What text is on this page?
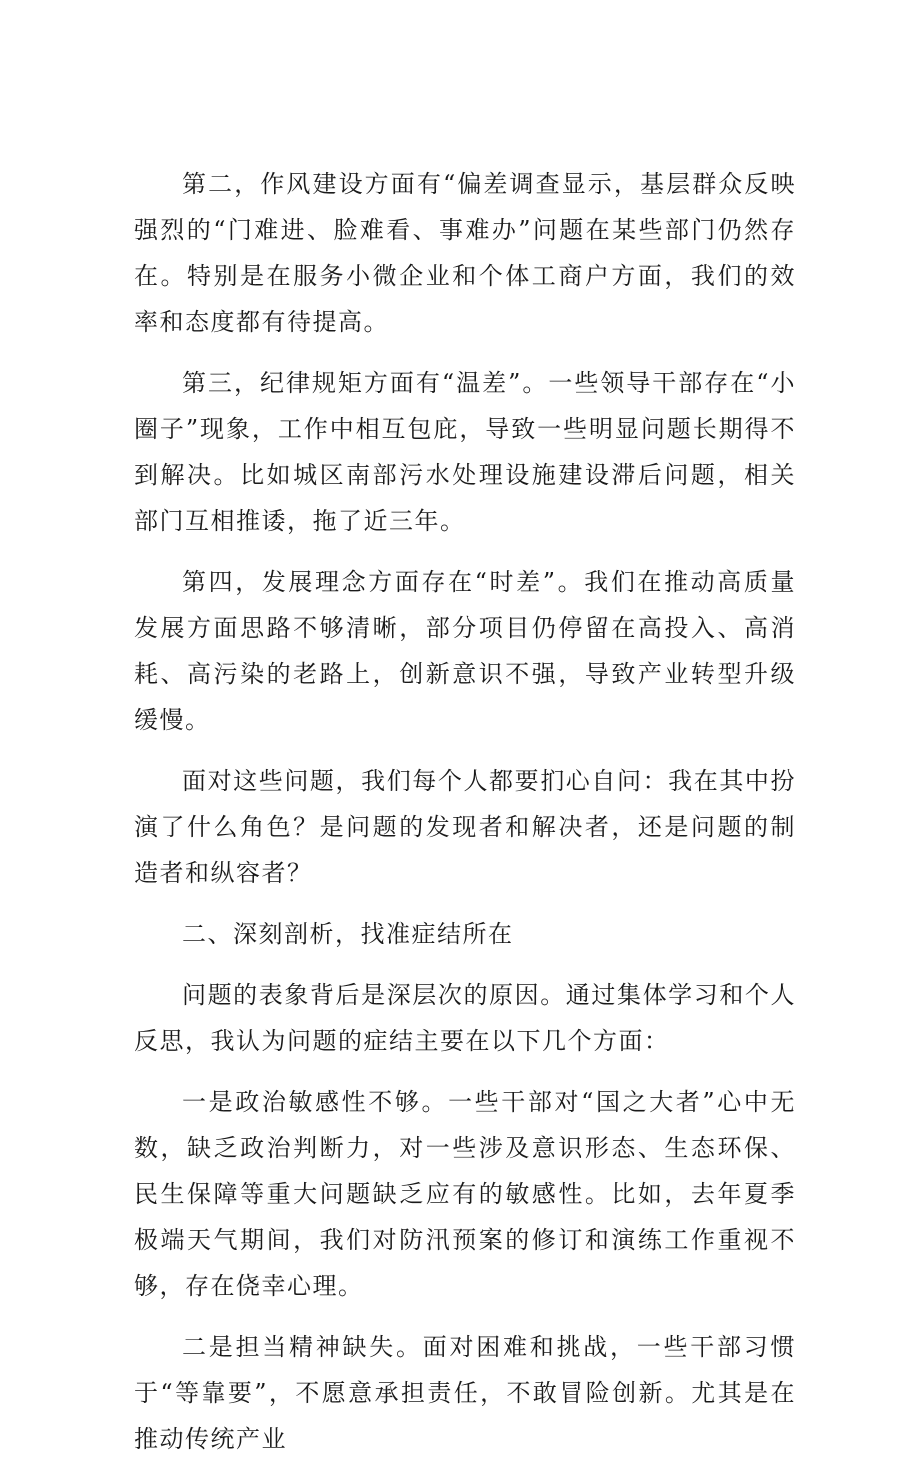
第二，作风建设方面有“偏差调查显示，基层群众反映强烈的“门难进、脸难看、事难办”问题在某些部门仍然存在。特别是在服务小微企业和个体工商户方面，我们的效率和态度都有待提高。

第三，纪律规矩方面有“温差”。一些领导干部存在“小圈子”现象，工作中相互包庇，导致一些明显问题长期得不到解决。比如城区南部污水处理设施建设滞后问题，相关部门互相推诿，拖了近三年。

第四，发展理念方面存在“时差”。我们在推动高质量发展方面思路不够清晰，部分项目仍停留在高投入、高消耗、高污染的老路上，创新意识不强，导致产业转型升级缓慢。

面对这些问题，我们每个人都要扪心自问：我在其中扮演了什么角色？是问题的发现者和解决者，还是问题的制造者和纵容者？

二、深刻剖析，找准症结所在

问题的表象背后是深层次的原因。通过集体学习和个人反思，我认为问题的症结主要在以下几个方面：

一是政治敏感性不够。一些干部对“国之大者”心中无数，缺乏政治判断力，对一些涉及意识形态、生态环保、民生保障等重大问题缺乏应有的敏感性。比如，去年夏季极端天气期间，我们对防汛预案的修订和演练工作重视不够，存在侥幸心理。

二是担当精神缺失。面对困难和挑战，一些干部习惯于“等靠要”，不愿意承担责任，不敢冒险创新。尤其是在推动传统产业
